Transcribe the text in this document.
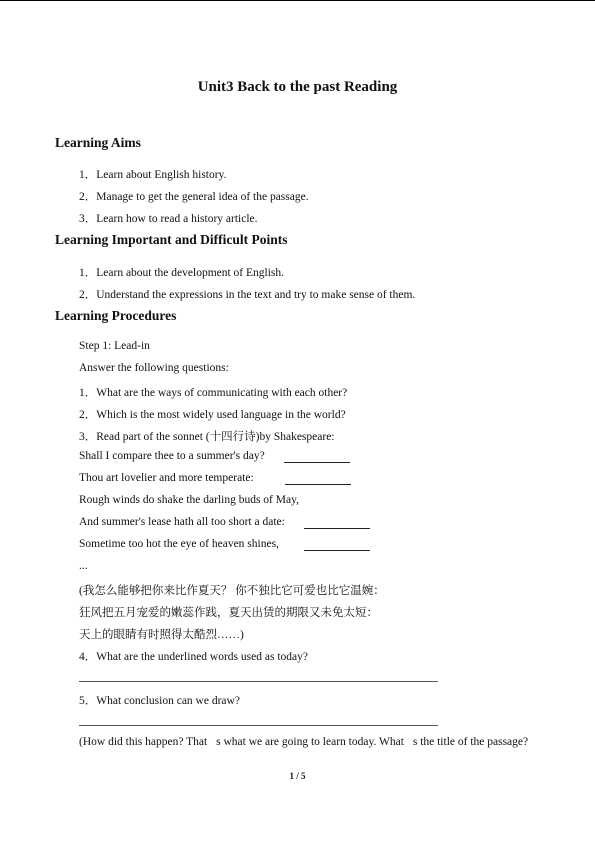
Unit3 Back to the past Reading
Learning Aims
1．Learn about English history.
2．Manage to get the general idea of the passage.
3．Learn how to read a history article.
Learning Important and Difficult Points
1．Learn about the development of English.
2．Understand the expressions in the text and try to make sense of them.
Learning Procedures
Step 1: Lead-in
Answer the following questions:
1．What are the ways of communicating with each other?
2．Which is the most widely used language in the world?
3．Read part of the sonnet (十四行诗)by Shakespeare:
Shall I compare thee to a summer's day?
Thou art lovelier and more temperate:
Rough winds do shake the darling buds of May,
And summer's lease hath all too short a date:
Sometime too hot the eye of heaven shines,
...
(我怎么能够把你来比作夏天？ 你不独比它可爱也比它温婉：
狂风把五月宠爱的嫩蕊作践，夏天出赁的期限又未免太短：
天上的眼睛有时照得太酷烈……)
4．What are the underlined words used as today?
5．What conclusion can we draw?
(How did this happen? That s what we are going to learn today. What s the title of the passage?
1 / 5
